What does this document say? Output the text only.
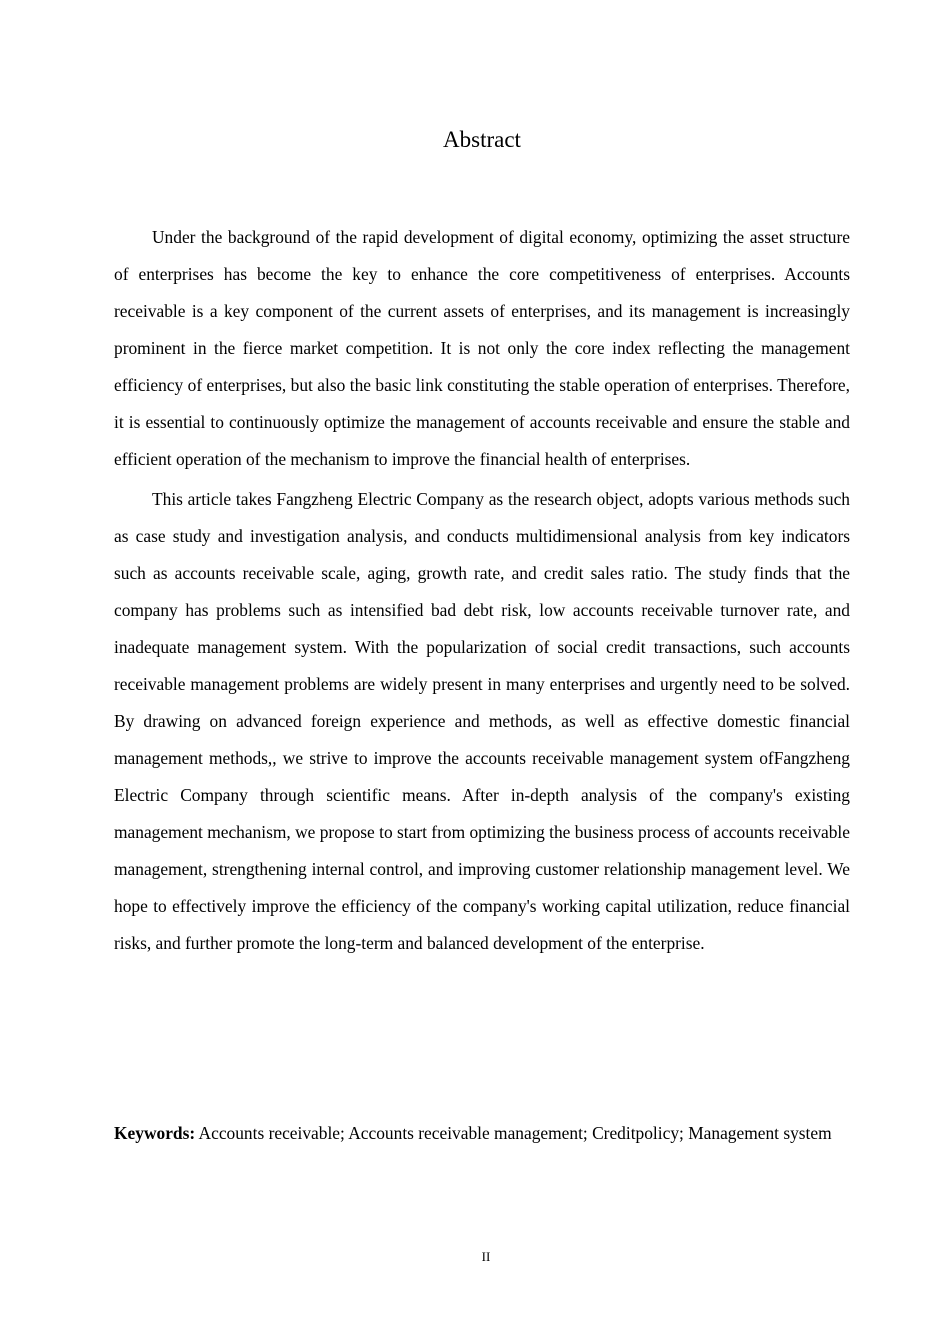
Abstract

Under the background of the rapid development of digital economy, optimizing the asset structure of enterprises has become the key to enhance the core competitiveness of enterprises. Accounts receivable is a key component of the current assets of enterprises, and its management is increasingly prominent in the fierce market competition. It is not only the core index reflecting the management efficiency of enterprises, but also the basic link constituting the stable operation of enterprises. Therefore, it is essential to continuously optimize the management of accounts receivable and ensure the stable and efficient operation of the mechanism to improve the financial health of enterprises.

This article takes Fangzheng Electric Company as the research object, adopts various methods such as case study and investigation analysis, and conducts multidimensional analysis from key indicators such as accounts receivable scale, aging, growth rate, and credit sales ratio. The study finds that the company has problems such as intensified bad debt risk, low accounts receivable turnover rate, and inadequate management system. With the popularization of social credit transactions, such accounts receivable management problems are widely present in many enterprises and urgently need to be solved. By drawing on advanced foreign experience and methods, as well as effective domestic financial management methods,, we strive to improve the accounts receivable management system ofFangzheng Electric Company through scientific means. After in-depth analysis of the company's existing management mechanism, we propose to start from optimizing the business process of accounts receivable management, strengthening internal control, and improving customer relationship management level. We hope to effectively improve the efficiency of the company's working capital utilization, reduce financial risks, and further promote the long-term and balanced development of the enterprise.

Keywords: Accounts receivable; Accounts receivable management; Creditpolicy; Management system

II
